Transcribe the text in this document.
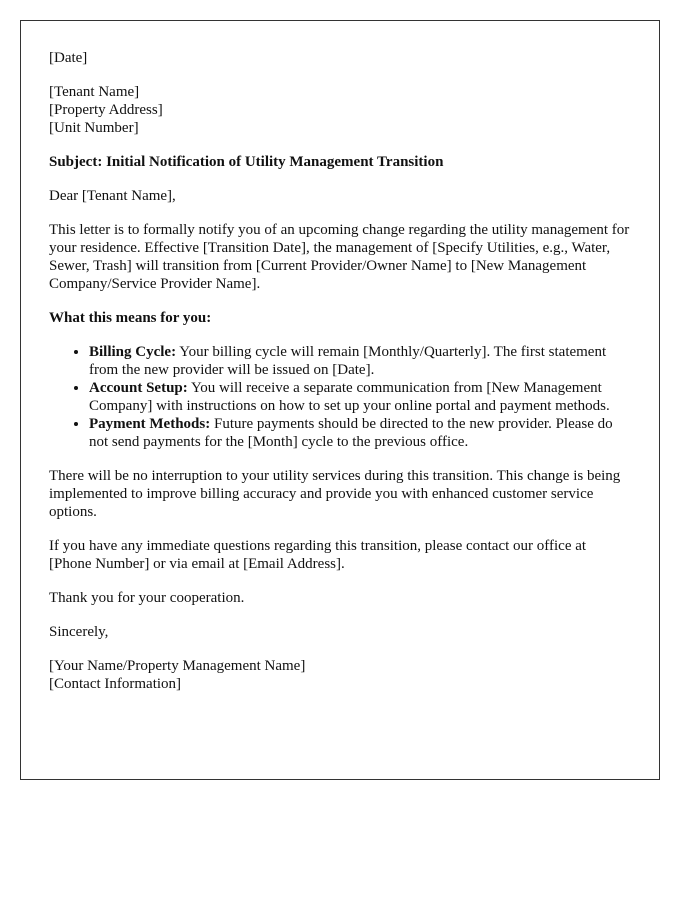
[Date]

[Tenant Name]
[Property Address]
[Unit Number]

Subject: Initial Notification of Utility Management Transition

Dear [Tenant Name],

This letter is to formally notify you of an upcoming change regarding the utility management for your residence. Effective [Transition Date], the management of [Specify Utilities, e.g., Water, Sewer, Trash] will transition from [Current Provider/Owner Name] to [New Management Company/Service Provider Name].

What this means for you:

• Billing Cycle: Your billing cycle will remain [Monthly/Quarterly]. The first statement from the new provider will be issued on [Date].
• Account Setup: You will receive a separate communication from [New Management Company] with instructions on how to set up your online portal and payment methods.
• Payment Methods: Future payments should be directed to the new provider. Please do not send payments for the [Month] cycle to the previous office.

There will be no interruption to your utility services during this transition. This change is being implemented to improve billing accuracy and provide you with enhanced customer service options.

If you have any immediate questions regarding this transition, please contact our office at [Phone Number] or via email at [Email Address].

Thank you for your cooperation.

Sincerely,

[Your Name/Property Management Name]
[Contact Information]
